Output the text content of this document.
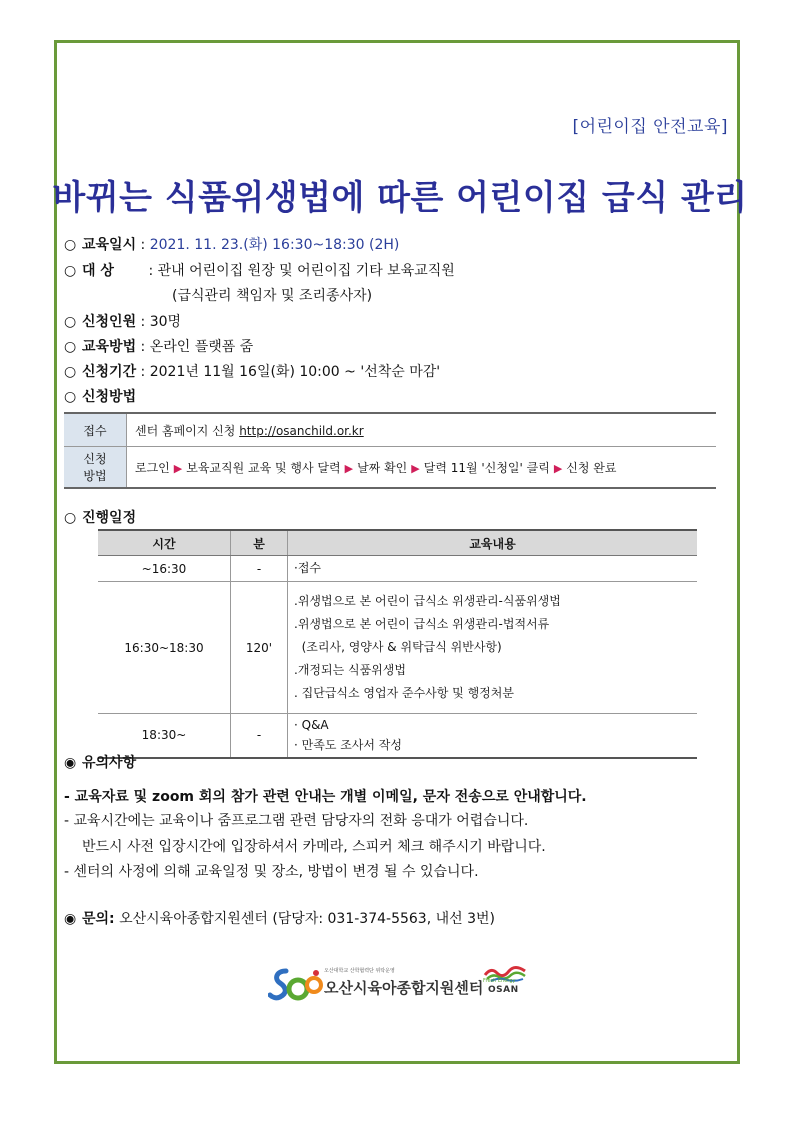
[어린이집 안전교육]
바뀌는 식품위생법에 따른 어린이집 급식 관리
○ 교육일시 : 2021. 11. 23.(화) 16:30~18:30 (2H)
○ 대 상 : 관내 어린이집 원장 및 어린이집 기타 보육교직원
(급식관리 책임자 및 조리종사자)
○ 신청인원 : 30명
○ 교육방법 : 온라인 플랫폼 줌
○ 신청기간 : 2021년 11월 16일(화) 10:00 ~ '선착순 마감'
○ 신청방법
접수	센터 홈페이지 신청 http://osanchild.or.kr
신청
방법	로그인 ▶ 보육교직원 교육 및 행사 달력 ▶ 날짜 확인 ▶ 달력 11월 '신청일' 클릭 ▶ 신청 완료
○ 진행일정
시간	분	교육내용
~16:30	-	·접수

16:30~18:30	120'	.위생법으로 본 어린이 급식소 위생관리-식품위생법
.위생법으로 본 어린이 급식소 위생관리-법적서류
(조리사, 영양사 & 위탁급식 위반사항)
.개정되는 식품위생법
. 집단급식소 영업자 준수사항 및 행정처분

18:30~	-	· Q&A
· 만족도 조사서 작성
◉ 유의사항
- 교육자료 및 zoom 회의 참가 관련 안내는 개별 이메일, 문자 전송으로 안내합니다.
- 교육시간에는 교육이나 줌프로그램 관련 담당자의 전화 응대가 어렵습니다.
반드시 사전 입장시간에 입장하셔서 카메라, 스피커 체크 해주시기 바랍니다.
- 센터의 사정에 의해 교육일정 및 장소, 방법이 변경 될 수 있습니다.
◉ 문의: 오산시육아종합지원센터 (담당자: 031-374-5563, 내선 3번)
오산대학교 산학협력단 위탁운영
오산시육아종합지원센터 Fresh Energy
OSAN
